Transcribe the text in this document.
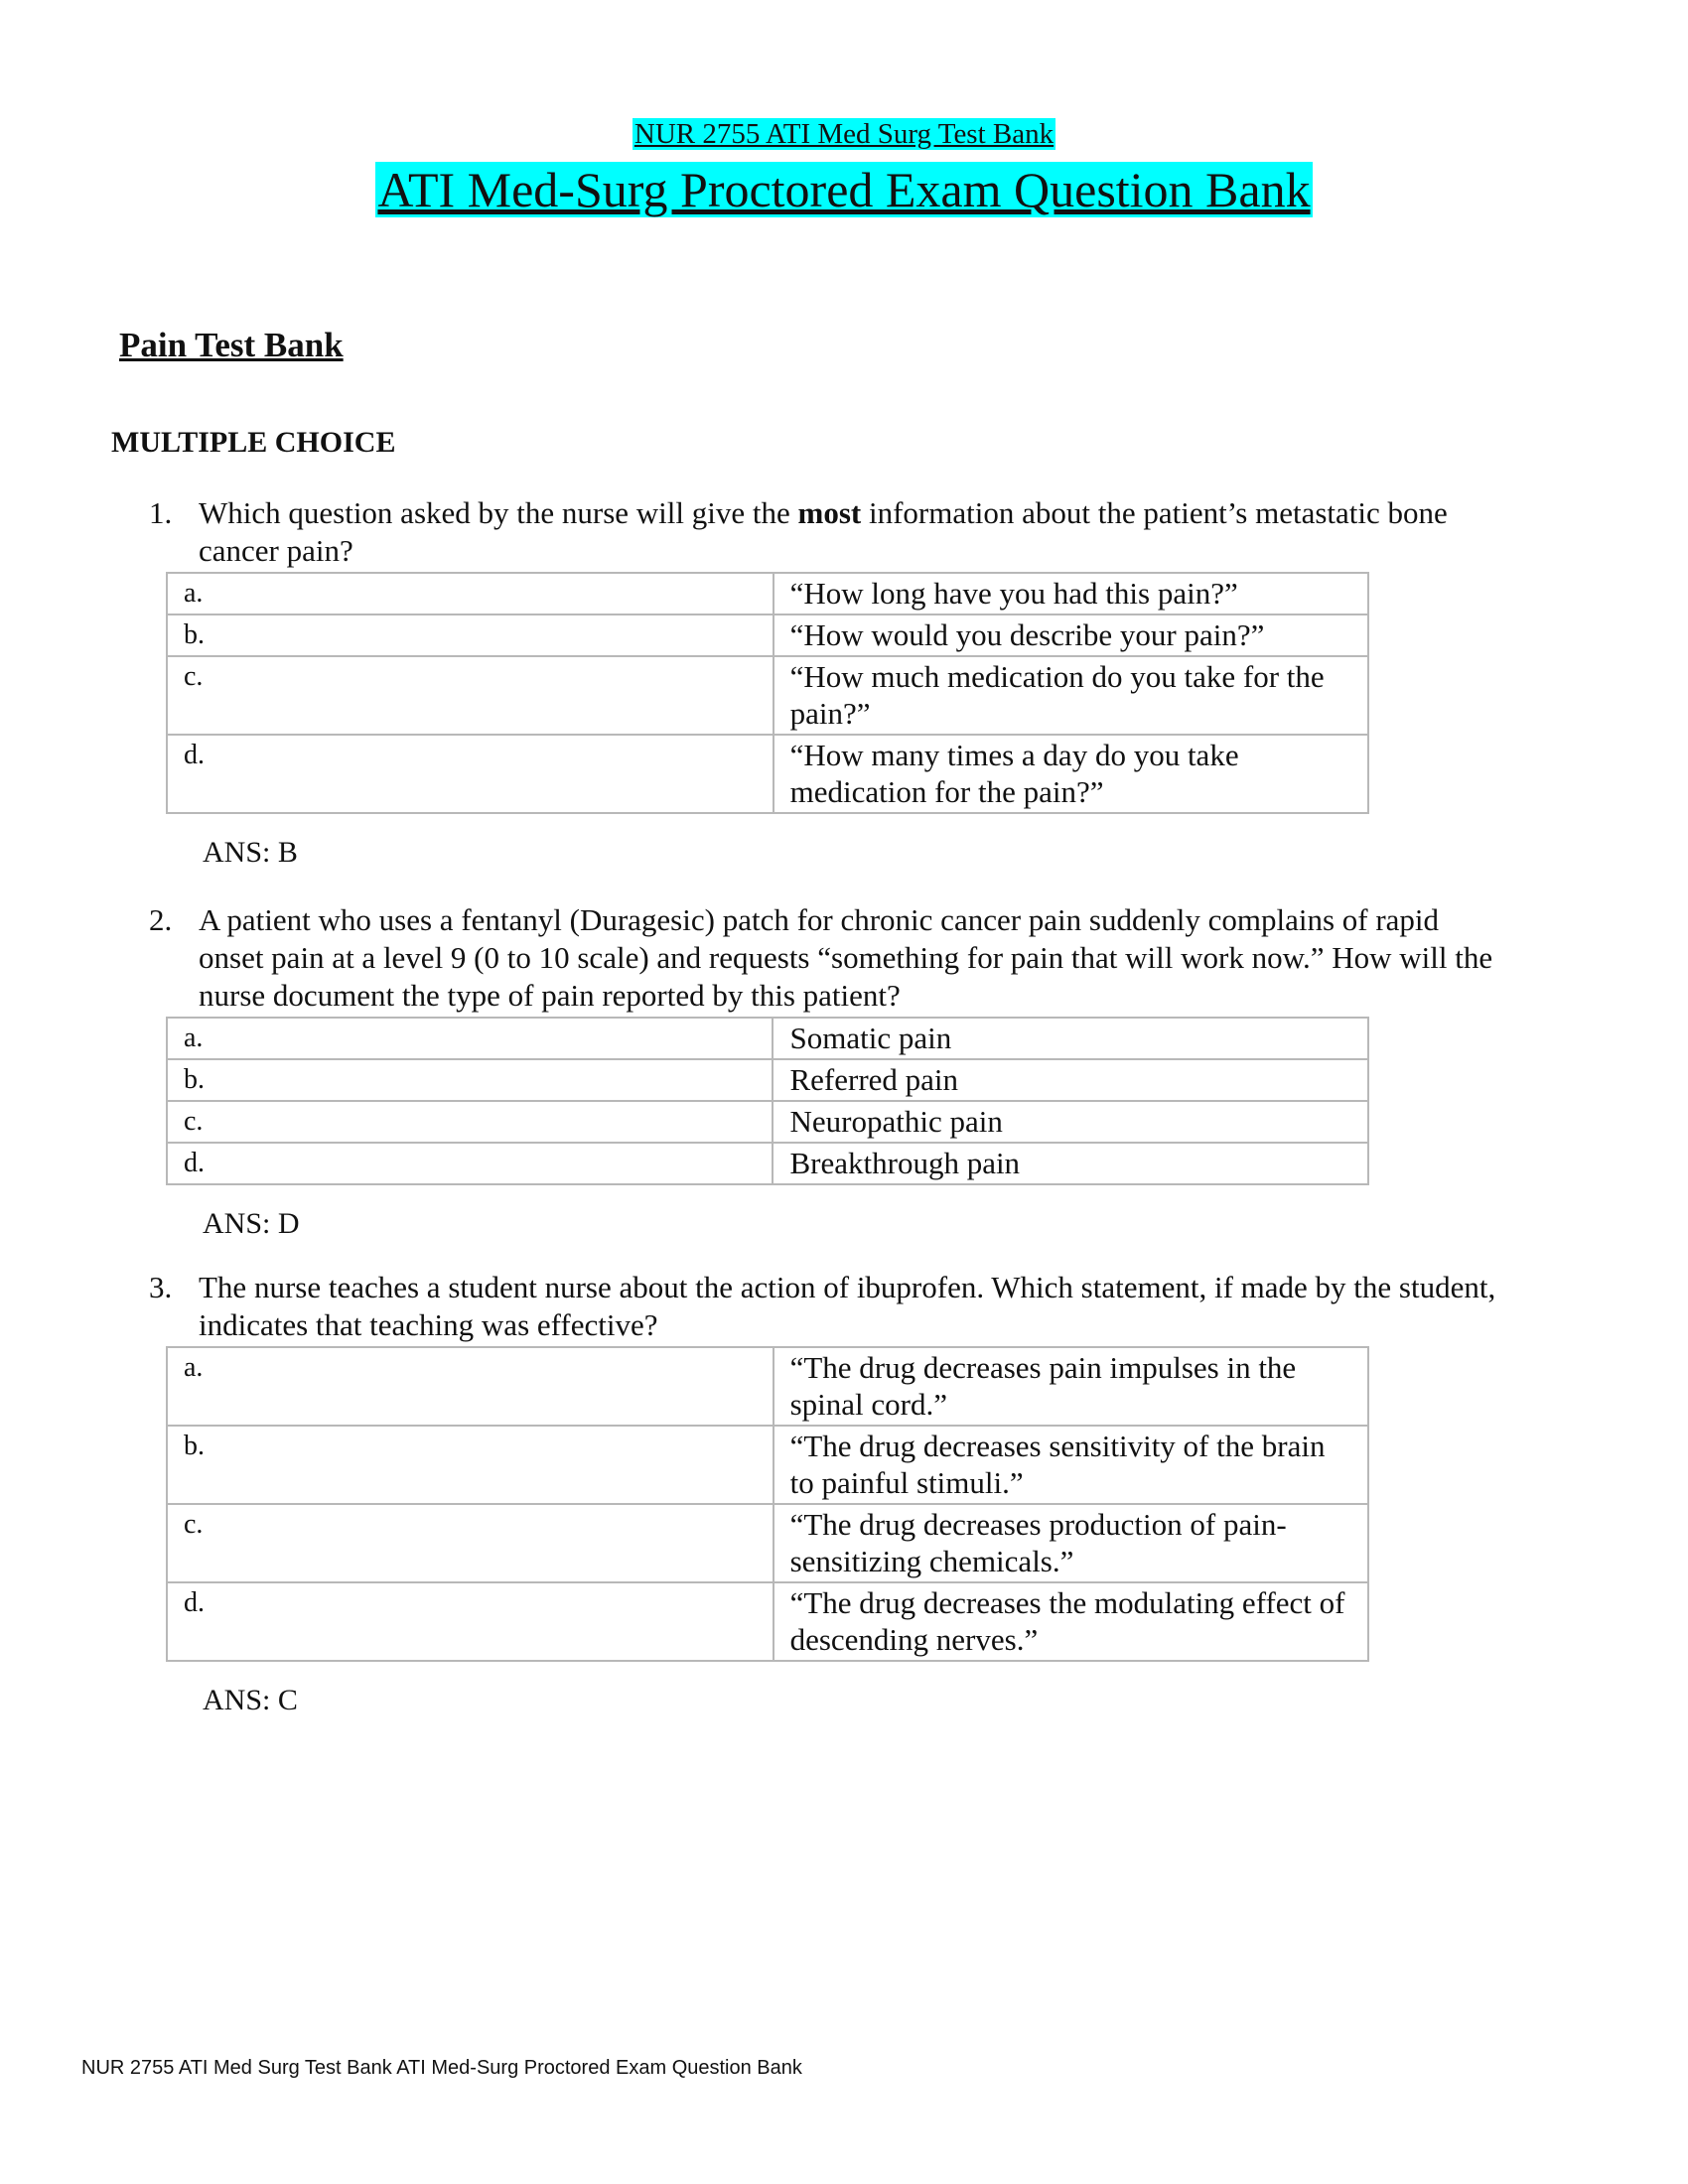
NUR 2755 ATI Med Surg Test Bank
ATI Med-Surg Proctored Exam Question Bank
Pain Test Bank
MULTIPLE CHOICE
1. Which question asked by the nurse will give the most information about the patient’s metastatic bone cancer pain?
a.	“How long have you had this pain?”
b.	“How would you describe your pain?”
c.	“How much medication do you take for the pain?”
d.	“How many times a day do you take medication for the pain?”
ANS: B
2. A patient who uses a fentanyl (Duragesic) patch for chronic cancer pain suddenly complains of rapid onset pain at a level 9 (0 to 10 scale) and requests “something for pain that will work now.” How will the nurse document the type of pain reported by this patient?
a.	Somatic pain
b.	Referred pain
c.	Neuropathic pain
d.	Breakthrough pain
ANS: D
3. The nurse teaches a student nurse about the action of ibuprofen. Which statement, if made by the student, indicates that teaching was effective?
a.	“The drug decreases pain impulses in the spinal cord.”
b.	“The drug decreases sensitivity of the brain to painful stimuli.”
c.	“The drug decreases production of pain-sensitizing chemicals.”
d.	“The drug decreases the modulating effect of descending nerves.”
ANS: C
NUR 2755 ATI Med Surg Test Bank ATI Med-Surg Proctored Exam Question Bank
